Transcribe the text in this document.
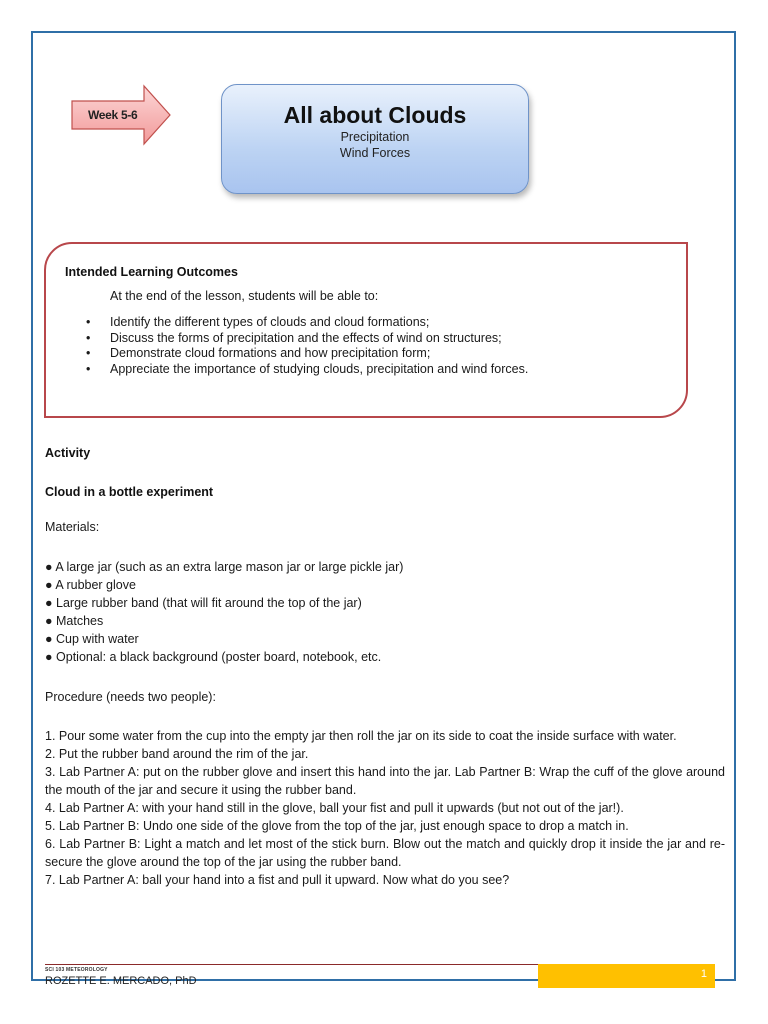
Week 5-6	All about Clouds
Precipitation
Wind Forces
Intended Learning Outcomes
At the end of the lesson, students will be able to:
• Identify the different types of clouds and cloud formations;
• Discuss the forms of precipitation and the effects of wind on structures;
• Demonstrate cloud formations and how precipitation form;
• Appreciate the importance of studying clouds, precipitation and wind forces.
Activity
Cloud in a bottle experiment
Materials:
● A large jar (such as an extra large mason jar or large pickle jar)
● A rubber glove
● Large rubber band (that will fit around the top of the jar)
● Matches
● Cup with water
● Optional: a black background (poster board, notebook, etc.
Procedure (needs two people):
1. Pour some water from the cup into the empty jar then roll the jar on its side to coat the inside surface with water.
2. Put the rubber band around the rim of the jar.
3. Lab Partner A: put on the rubber glove and insert this hand into the jar. Lab Partner B: Wrap the cuff of the glove around the mouth of the jar and secure it using the rubber band.
4. Lab Partner A: with your hand still in the glove, ball your fist and pull it upwards (but not out of the jar!).
5. Lab Partner B: Undo one side of the glove from the top of the jar, just enough space to drop a match in.
6. Lab Partner B: Light a match and let most of the stick burn. Blow out the match and quickly drop it inside the jar and re-secure the glove around the top of the jar using the rubber band.
7. Lab Partner A: ball your hand into a fist and pull it upward. Now what do you see?
SCI 103 METEOROLOGY
ROZETTE E. MERCADO, PhD
1
